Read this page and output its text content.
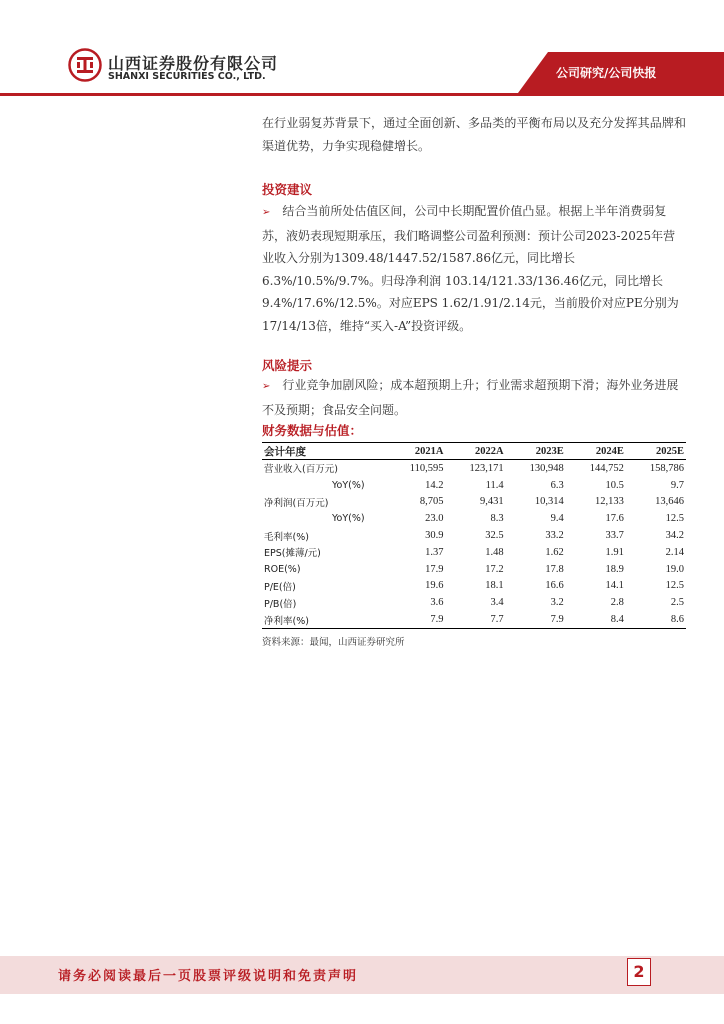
山西证券股份有限公司
SHANXI SECURITIES CO., LTD.	公司研究/公司快报

在行业弱复苏背景下，通过全面创新、多品类的平衡布局以及充分发挥其品牌和渠道优势，力争实现稳健增长。

投资建议

➢ 结合当前所处估值区间，公司中长期配置价值凸显。根据上半年消费弱复苏，液奶表现短期承压，我们略调整公司盈利预测：预计公司2023-2025年营业收入分别为1309.48/1447.52/1587.86亿元，同比增长6.3%/10.5%/9.7%。归母净利润 103.14/121.33/136.46亿元，同比增长9.4%/17.6%/12.5%。对应EPS 1.62/1.91/2.14元，当前股价对应PE分别为17/14/13倍，维持“买入-A”投资评级。

风险提示

➢ 行业竞争加剧风险；成本超预期上升；行业需求超预期下滑；海外业务进展不及预期；食品安全问题。

财务数据与估值：
会计年度	2021A	2022A	2023E	2024E	2025E
营业收入(百万元)	110,595	123,171	130,948	144,752	158,786
YoY(%)	14.2	11.4	6.3	10.5	9.7
净利润(百万元)	8,705	9,431	10,314	12,133	13,646
YoY(%)	23.0	8.3	9.4	17.6	12.5
毛利率(%)	30.9	32.5	33.2	33.7	34.2
EPS(摊薄/元)	1.37	1.48	1.62	1.91	2.14
ROE(%)	17.9	17.2	17.8	18.9	19.0
P/E(倍)	19.6	18.1	16.6	14.1	12.5
P/B(倍)	3.6	3.4	3.2	2.8	2.5
净利率(%)	7.9	7.7	7.9	8.4	8.6
资料来源：最闻，山西证券研究所
请务必阅读最后一页股票评级说明和免责声明	2
